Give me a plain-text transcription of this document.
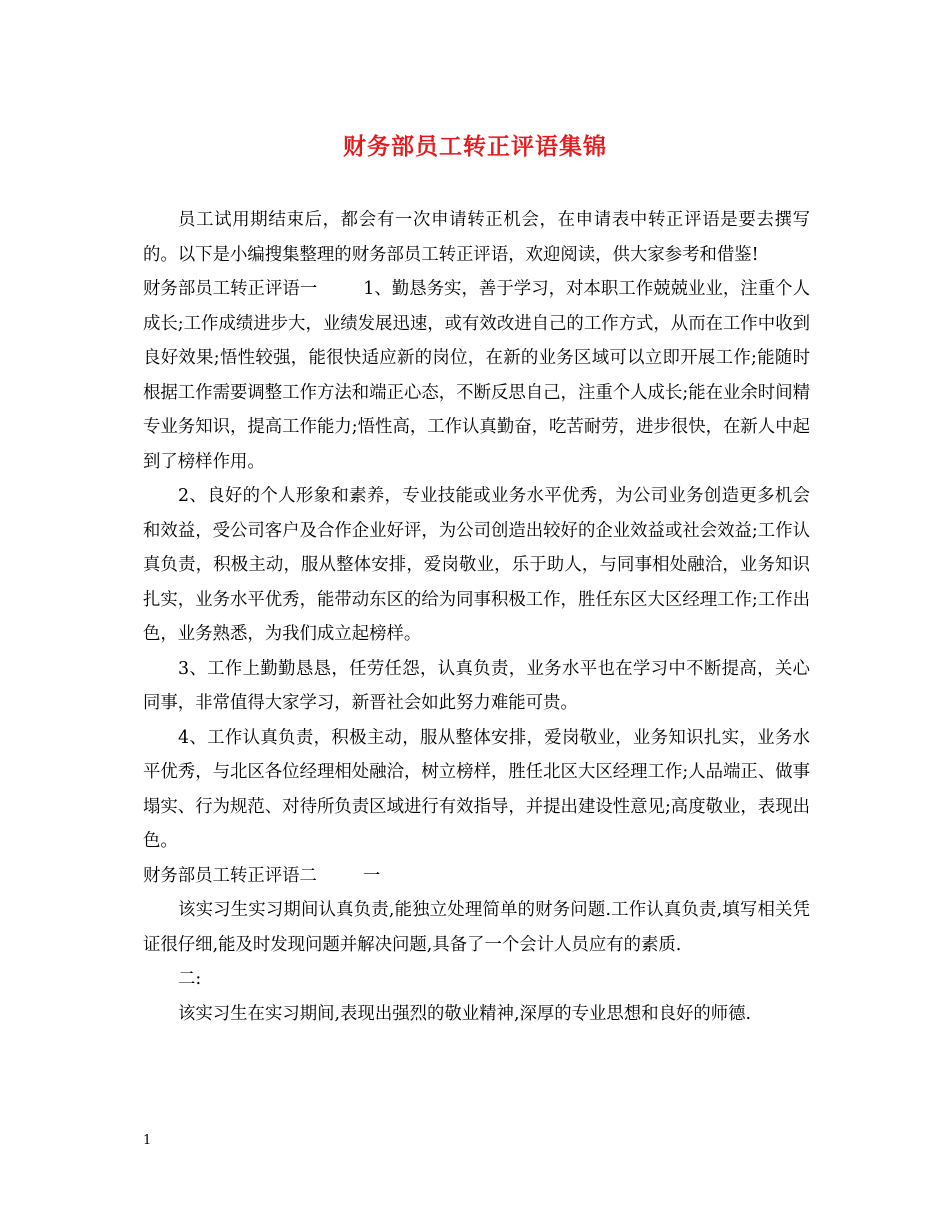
财务部员工转正评语集锦

员工试用期结束后，都会有一次申请转正机会，在申请表中转正评语是要去撰写的。以下是小编搜集整理的财务部员工转正评语，欢迎阅读，供大家参考和借鉴!

财务部员工转正评语一	1、勤恳务实，善于学习，对本职工作兢兢业业，注重个人成长;工作成绩进步大，业绩发展迅速，或有效改进自己的工作方式，从而在工作中收到良好效果;悟性较强，能很快适应新的岗位，在新的业务区域可以立即开展工作;能随时根据工作需要调整工作方法和端正心态，不断反思自己，注重个人成长;能在业余时间精专业务知识，提高工作能力;悟性高，工作认真勤奋，吃苦耐劳，进步很快，在新人中起到了榜样作用。

2、良好的个人形象和素养，专业技能或业务水平优秀，为公司业务创造更多机会和效益，受公司客户及合作企业好评，为公司创造出较好的企业效益或社会效益;工作认真负责，积极主动，服从整体安排，爱岗敬业，乐于助人，与同事相处融洽，业务知识扎实，业务水平优秀，能带动东区的给为同事积极工作，胜任东区大区经理工作;工作出色，业务熟悉，为我们成立起榜样。

3、工作上勤勤恳恳，任劳任怨，认真负责，业务水平也在学习中不断提高，关心同事，非常值得大家学习，新晋社会如此努力难能可贵。

4、工作认真负责，积极主动，服从整体安排，爱岗敬业，业务知识扎实，业务水平优秀，与北区各位经理相处融洽，树立榜样，胜任北区大区经理工作;人品端正、做事塌实、行为规范、对待所负责区域进行有效指导，并提出建设性意见;高度敬业，表现出色。

财务部员工转正评语二	一

该实习生实习期间认真负责,能独立处理简单的财务问题.工作认真负责,填写相关凭证很仔细,能及时发现问题并解决问题,具备了一个会计人员应有的素质.

二:

该实习生在实习期间,表现出强烈的敬业精神,深厚的专业思想和良好的师德.

1
